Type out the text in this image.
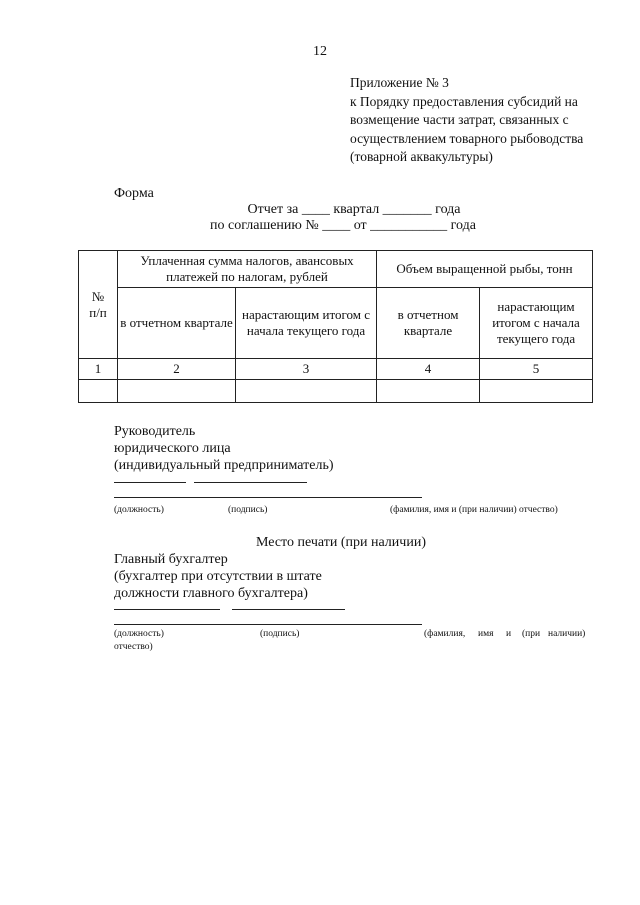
12
Приложение № 3
к Порядку предоставления субсидий на
возмещение части затрат, связанных с
осуществлением товарного рыбоводства
(товарной аквакультуры)
Форма
Отчет за ____ квартал _______ года
по соглашению № ____ от ___________ года
№
п/п	Уплаченная сумма налогов, авансовых платежей по налогам, рублей		Объем выращенной рыбы, тонн	
	в отчетном квартале	нарастающим итогом с начала текущего года	в отчетном квартале	нарастающим итогом с начала текущего года
1	2	3	4	5

Руководитель
юридического лица
(индивидуальный предприниматель)
(должность)	(подпись)	(фамилия, имя и (при наличии) отчество)
Место печати (при наличии)
Главный бухгалтер
(бухгалтер при отсутствии в штате
должности главного бухгалтера)
(должность)	(подпись)	(фамилия, имя и (при наличии)
отчество)
